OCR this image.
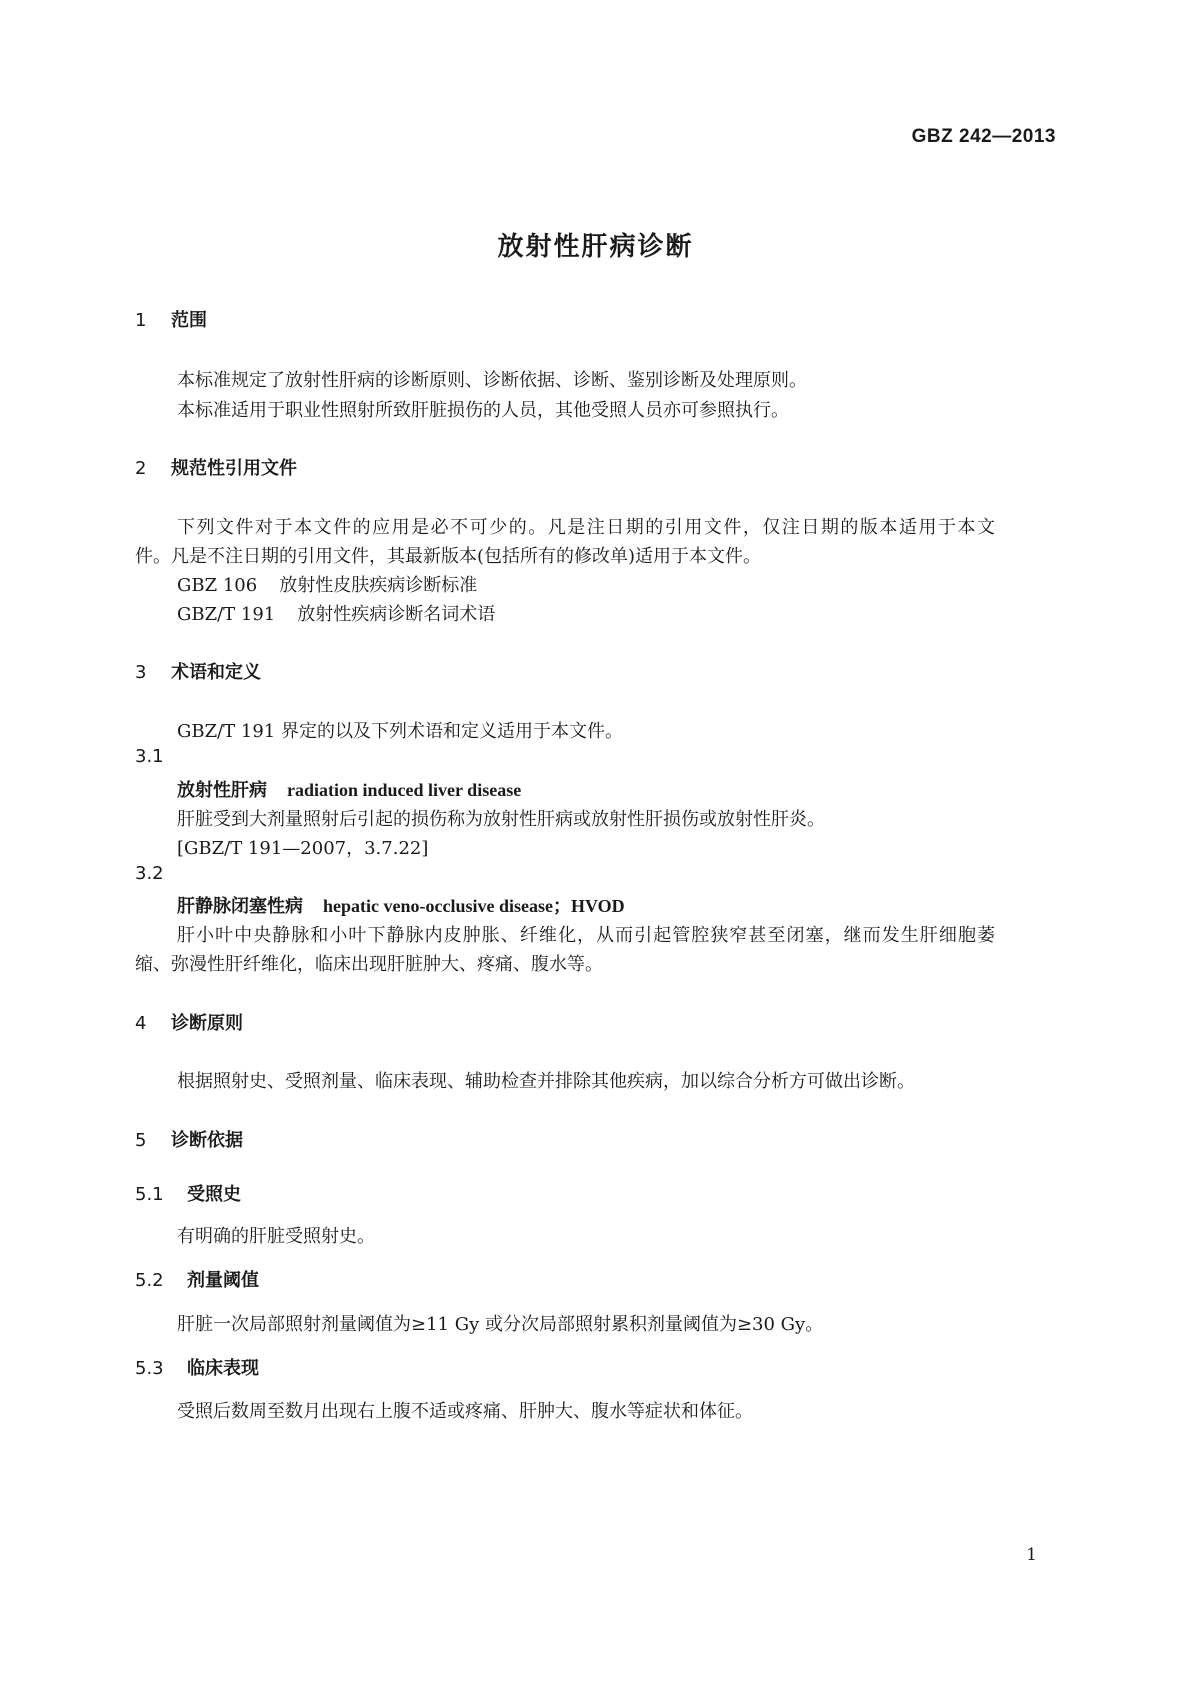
GBZ 242—2013
放射性肝病诊断
1 范围
本标准规定了放射性肝病的诊断原则、诊断依据、诊断、鉴别诊断及处理原则。
本标准适用于职业性照射所致肝脏损伤的人员，其他受照人员亦可参照执行。
2 规范性引用文件
下列文件对于本文件的应用是必不可少的。凡是注日期的引用文件，仅注日期的版本适用于本文
件。凡是不注日期的引用文件，其最新版本(包括所有的修改单)适用于本文件。
GBZ 106 放射性皮肤疾病诊断标准
GBZ/T 191 放射性疾病诊断名词术语
3 术语和定义
GBZ/T 191 界定的以及下列术语和定义适用于本文件。
3.1
放射性肝病 radiation induced liver disease
肝脏受到大剂量照射后引起的损伤称为放射性肝病或放射性肝损伤或放射性肝炎。
[GBZ/T 191—2007，3.7.22]
3.2
肝静脉闭塞性病 hepatic veno-occlusive disease；HVOD
肝小叶中央静脉和小叶下静脉内皮肿胀、纤维化，从而引起管腔狭窄甚至闭塞，继而发生肝细胞萎
缩、弥漫性肝纤维化，临床出现肝脏肿大、疼痛、腹水等。
4 诊断原则
根据照射史、受照剂量、临床表现、辅助检查并排除其他疾病，加以综合分析方可做出诊断。
5 诊断依据
5.1 受照史
有明确的肝脏受照射史。
5.2 剂量阈值
肝脏一次局部照射剂量阈值为≥11 Gy 或分次局部照射累积剂量阈值为≥30 Gy。
5.3 临床表现
受照后数周至数月出现右上腹不适或疼痛、肝肿大、腹水等症状和体征。
1
